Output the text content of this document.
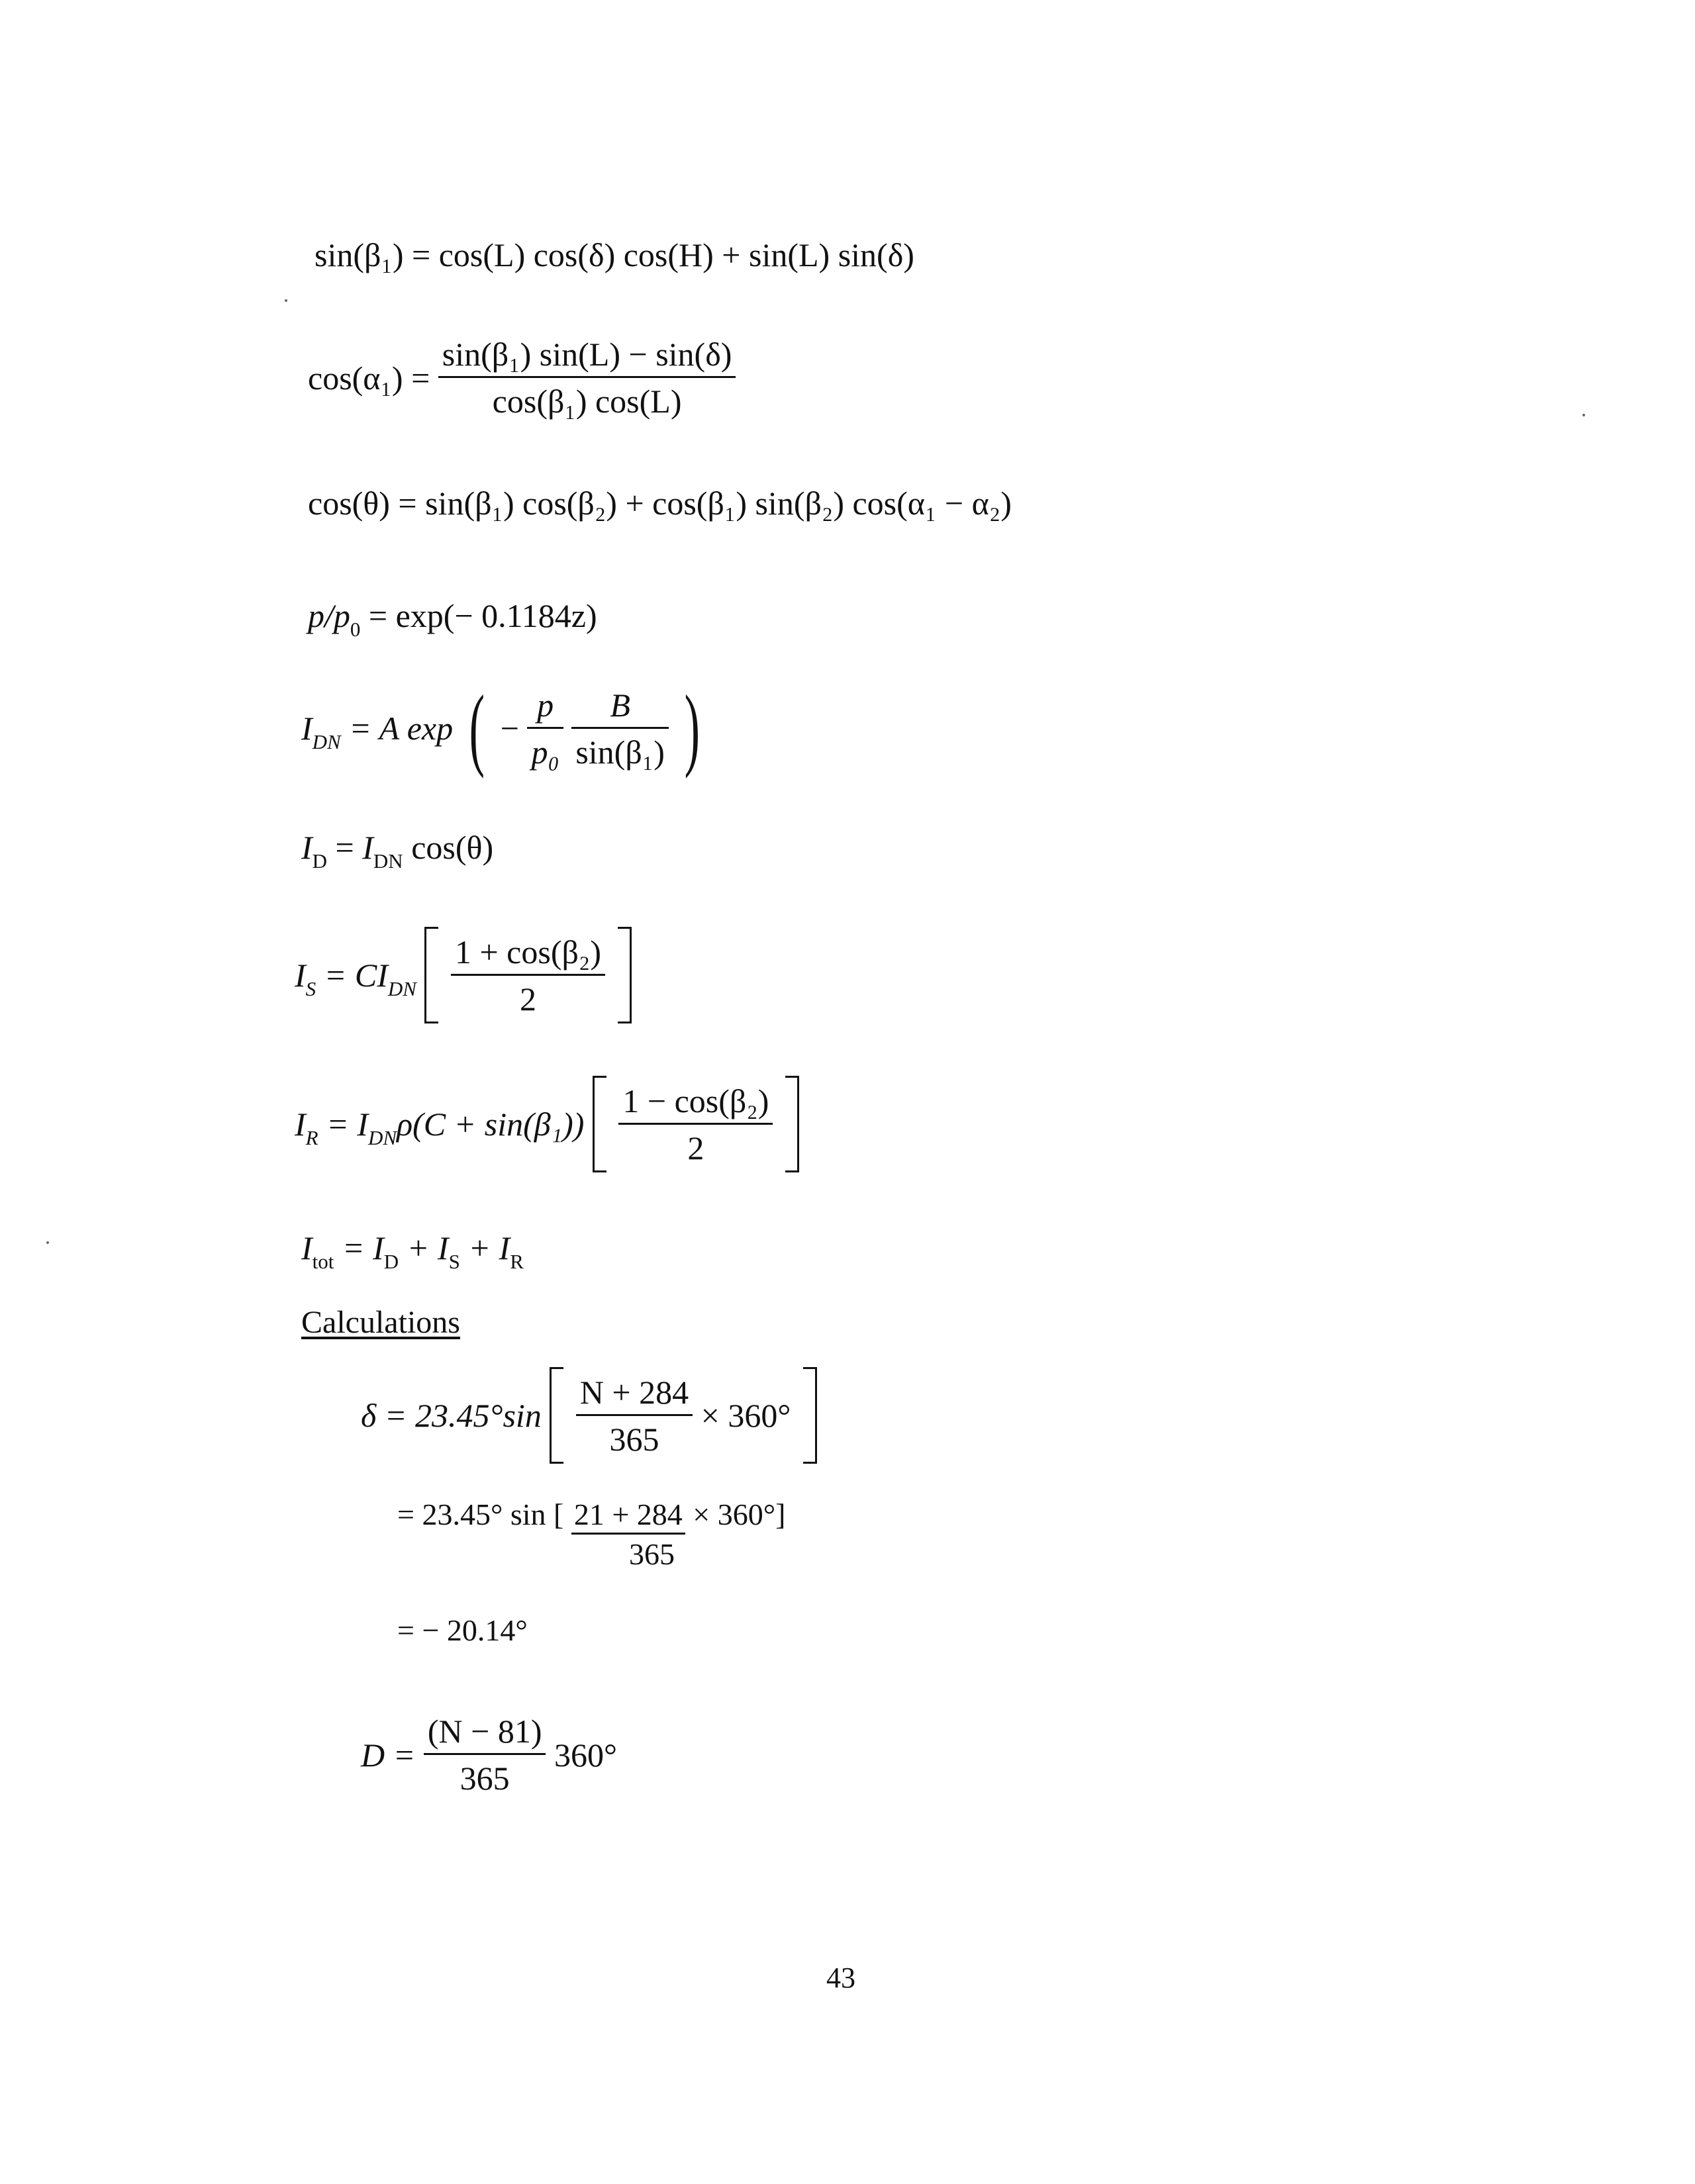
sin(β₁) = cos(L) cos(δ) cos(H) + sin(L) sin(δ)
$\cos(\alpha_1) = \frac{\text{sin(β₁) sin(L) − sin(δ)}}{\text{cos(β₁) cos(L)}}$
cos(θ) = sin(β₁) cos(β₂) + cos(β₁) sin(β₂) cos(α₁ − α₂)
$p/p_0 = \exp(- 0.1184z)$
$I_{DN} = A$ exp ( − $\frac{p}{\text{p₀}}$
$\frac{B}{\text{sin(β₁)}}$ )
$I_D = I_{DN}$ cos(θ)
$I_S = CI_{DN} \frac{\text{1 + cos(β₂)}}{2}$

$I_R = I_{DN}\rho(C + \sin(\beta_1)) \frac{\text{1 − cos(β₂)}}{2}$

$I_{tot} = I_D + I_S + I_R$
Calculations
$\delta = 23.45^\circ\sin \frac{N + 284}{365} \times 360^\circ$
= 23.45° sin [ 21 + 284 × 360°]
365
= − 20.14°
$D = \frac{(N - 81)}{365} 360^\circ$
43
